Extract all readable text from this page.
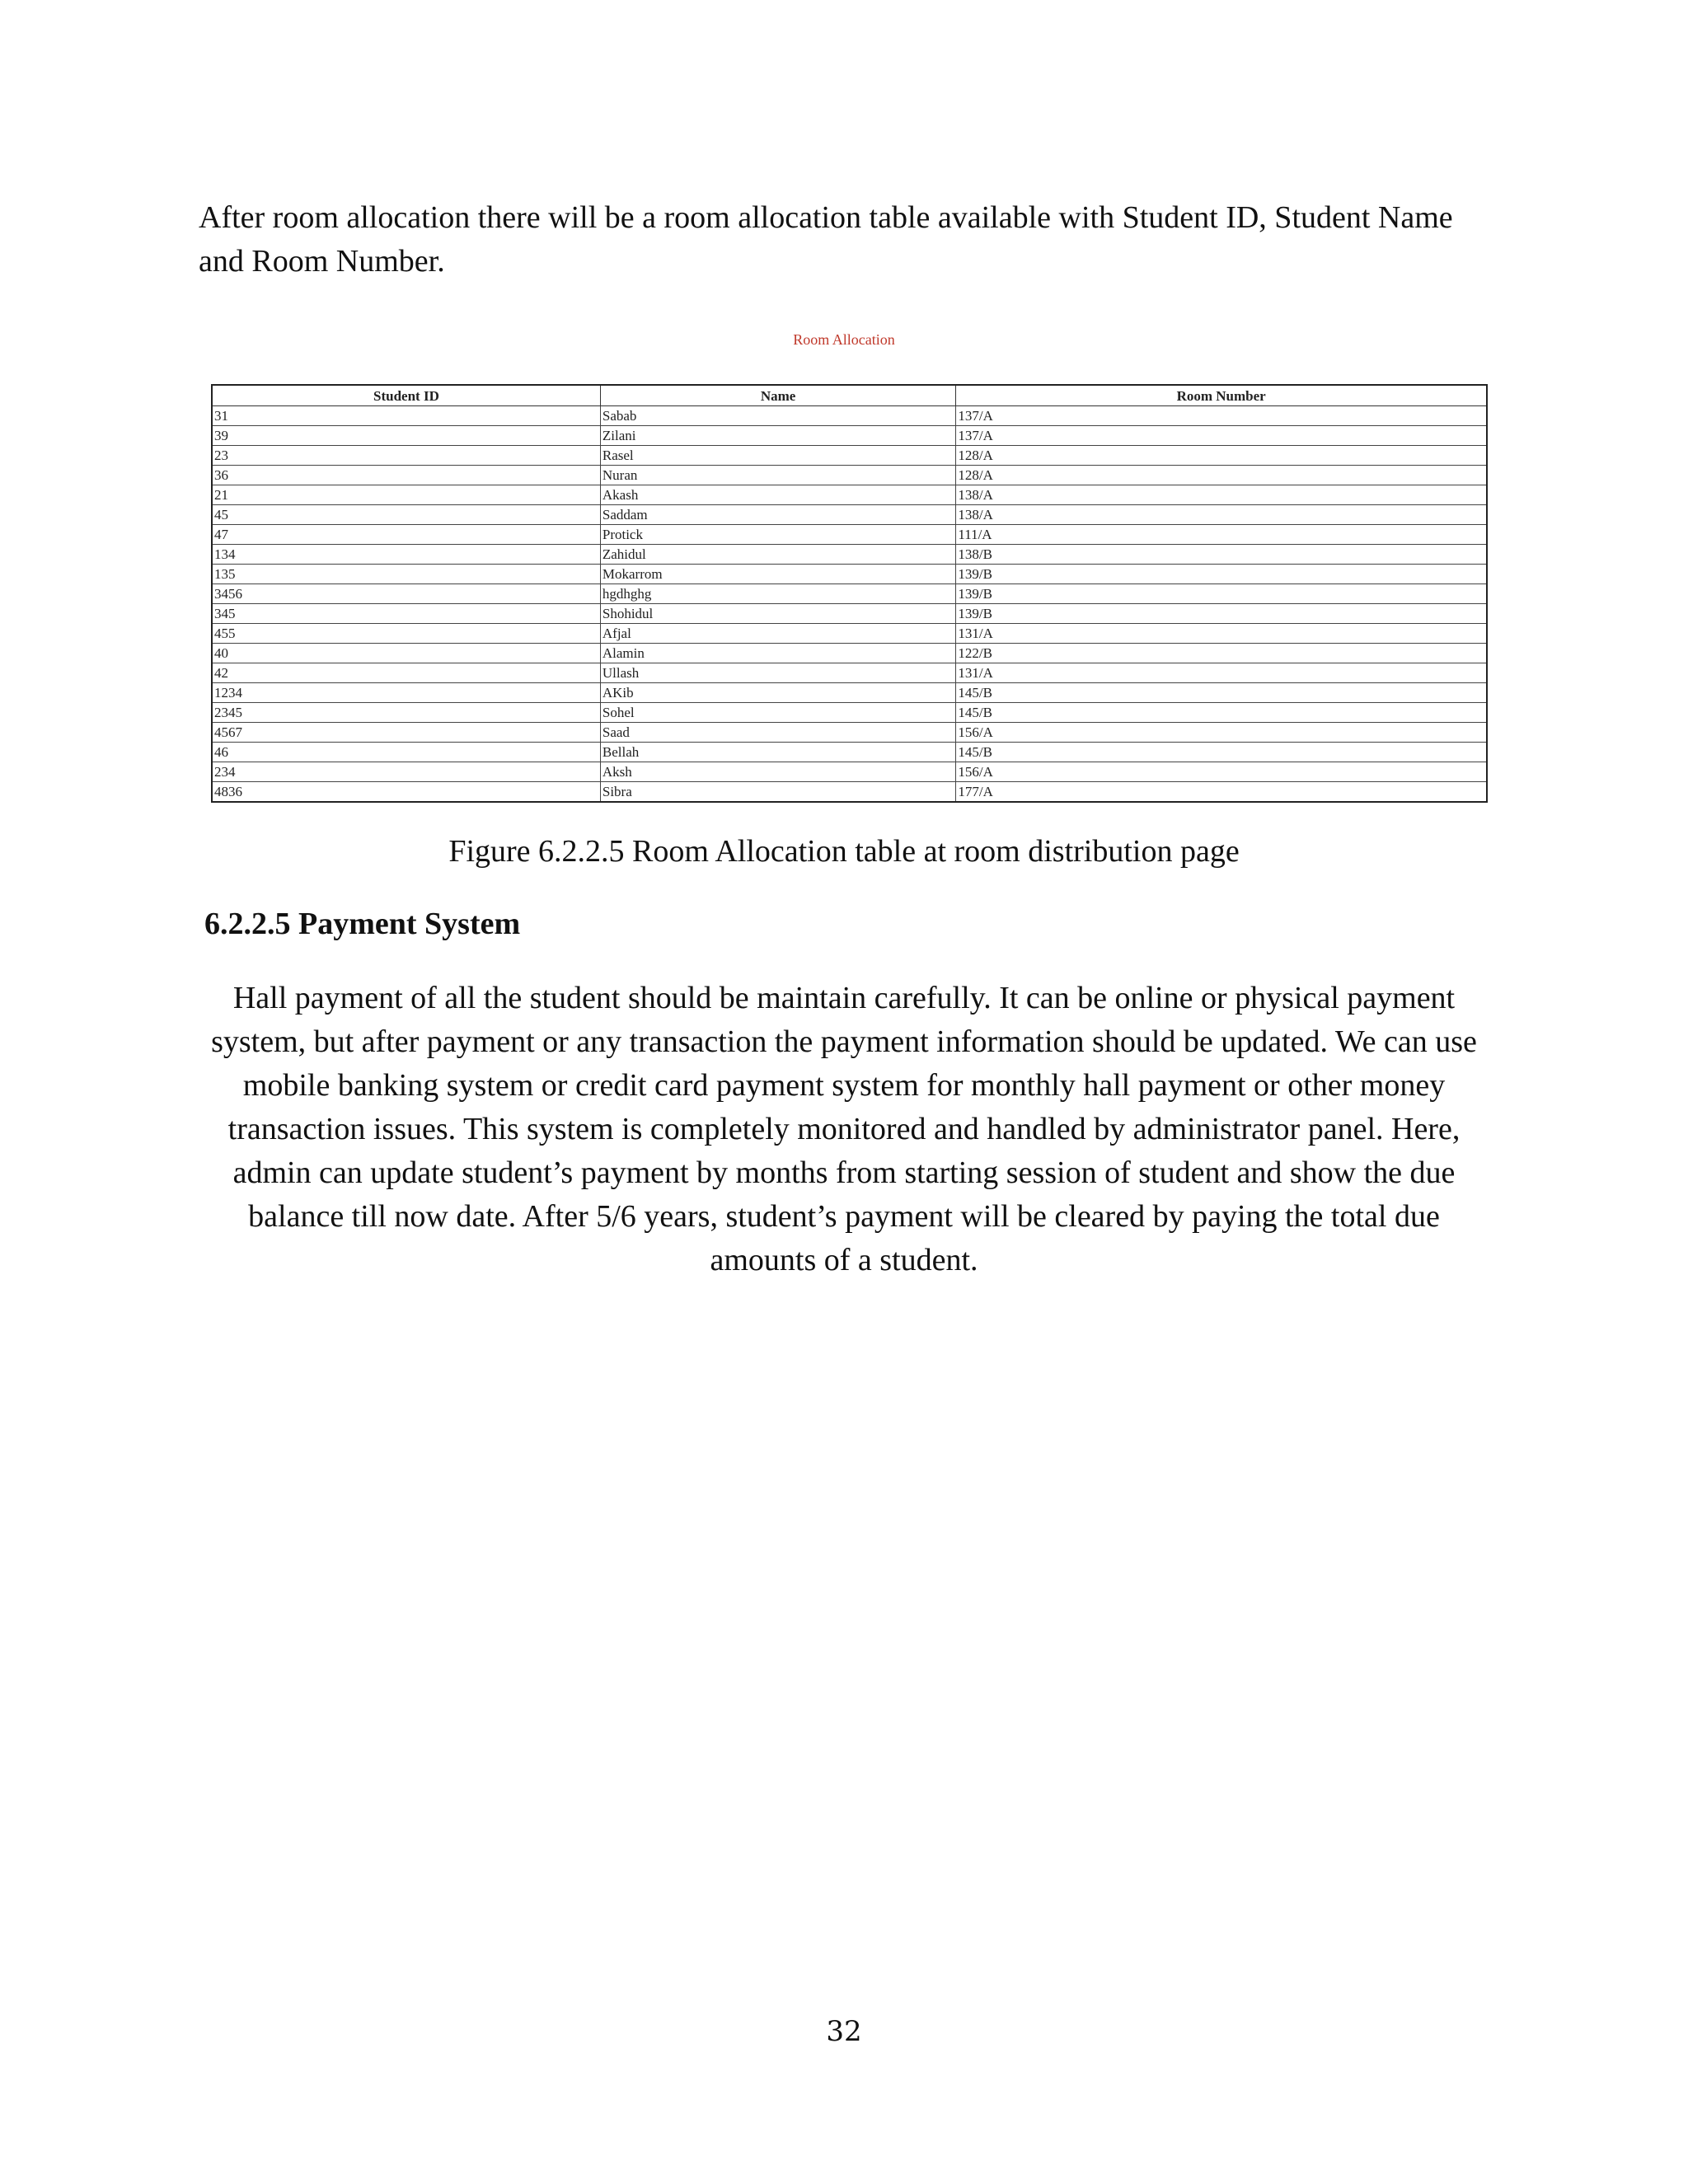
After room allocation there will be a room allocation table available with Student ID, Student Name and Room Number.

Room Allocation
Student ID	Name	Room Number
31	Sabab	137/A
39	Zilani	137/A
23	Rasel	128/A
36	Nuran	128/A
21	Akash	138/A
45	Saddam	138/A
47	Protick	111/A
134	Zahidul	138/B
135	Mokarrom	139/B
3456	hgdhghg	139/B
345	Shohidul	139/B
455	Afjal	131/A
40	Alamin	122/B
42	Ullash	131/A
1234	AKib	145/B
2345	Sohel	145/B
4567	Saad	156/A
46	Bellah	145/B
234	Aksh	156/A
4836	Sibra	177/A
Figure 6.2.2.5 Room Allocation table at room distribution page
6.2.2.5 Payment System

Hall payment of all the student should be maintain carefully. It can be online or physical payment system, but after payment or any transaction the payment information should be updated. We can use mobile banking system or credit card payment system for monthly hall payment or other money transaction issues. This system is completely monitored and handled by administrator panel. Here, admin can update student’s payment by months from starting session of student and show the due balance till now date. After 5/6 years, student’s payment will be cleared by paying the total due amounts of a student.

32
